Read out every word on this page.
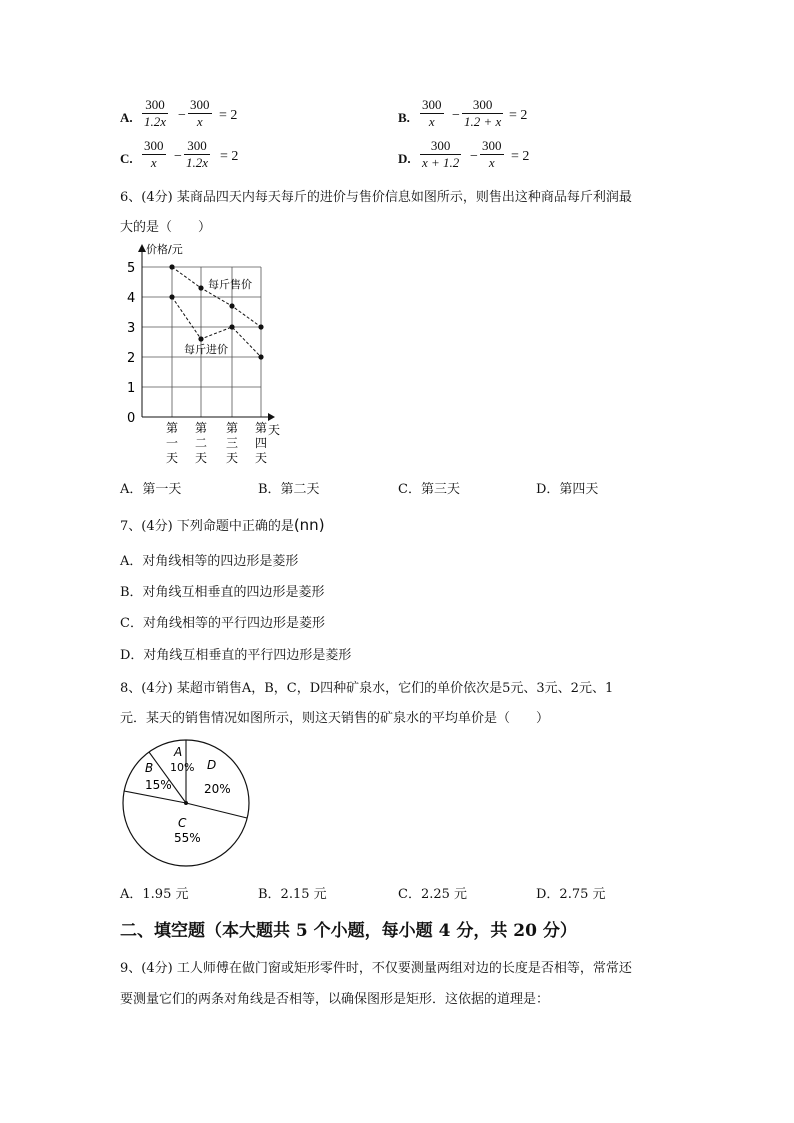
A. $\frac{300}{1.2x} - \frac{300}{x} = 2$	B. $\frac{300}{x} - \frac{300}{1.2 + x} = 2$
C. $\frac{300}{x} - \frac{300}{1.2x} = 2$	D. $\frac{300}{x + 1.2} - \frac{300}{x} = 2$
6、(4分) 某商品四天内每天每斤的进价与售价信息如图所示，则售出这种商品每斤利润最
大的是（　　）
0
1
2
3
4
5
第
一
天
第
二
天
第
三
天
第
四
天
价格/元
天
每斤售价
每斤进价
A．第一天	B．第二天	C．第三天	D．第四天
7、(4分) 下列命题中正确的是(nn)
A．对角线相等的四边形是菱形
B．对角线互相垂直的四边形是菱形
C．对角线相等的平行四边形是菱形
D．对角线互相垂直的平行四边形是菱形
8、(4分) 某超市销售A，B，C，D四种矿泉水，它们的单价依次是5元、3元、2元、1
元．某天的销售情况如图所示，则这天销售的矿泉水的平均单价是（　　）
A
10%
B
15%
D
20%
C
55%
A．1.95 元	B．2.15 元	C．2.25 元	D．2.75 元
二、填空题（本大题共 5 个小题，每小题 4 分，共 20 分）
9、(4分) 工人师傅在做门窗或矩形零件时，不仅要测量两组对边的长度是否相等，常常还
要测量它们的两条对角线是否相等，以确保图形是矩形．这依据的道理是：
